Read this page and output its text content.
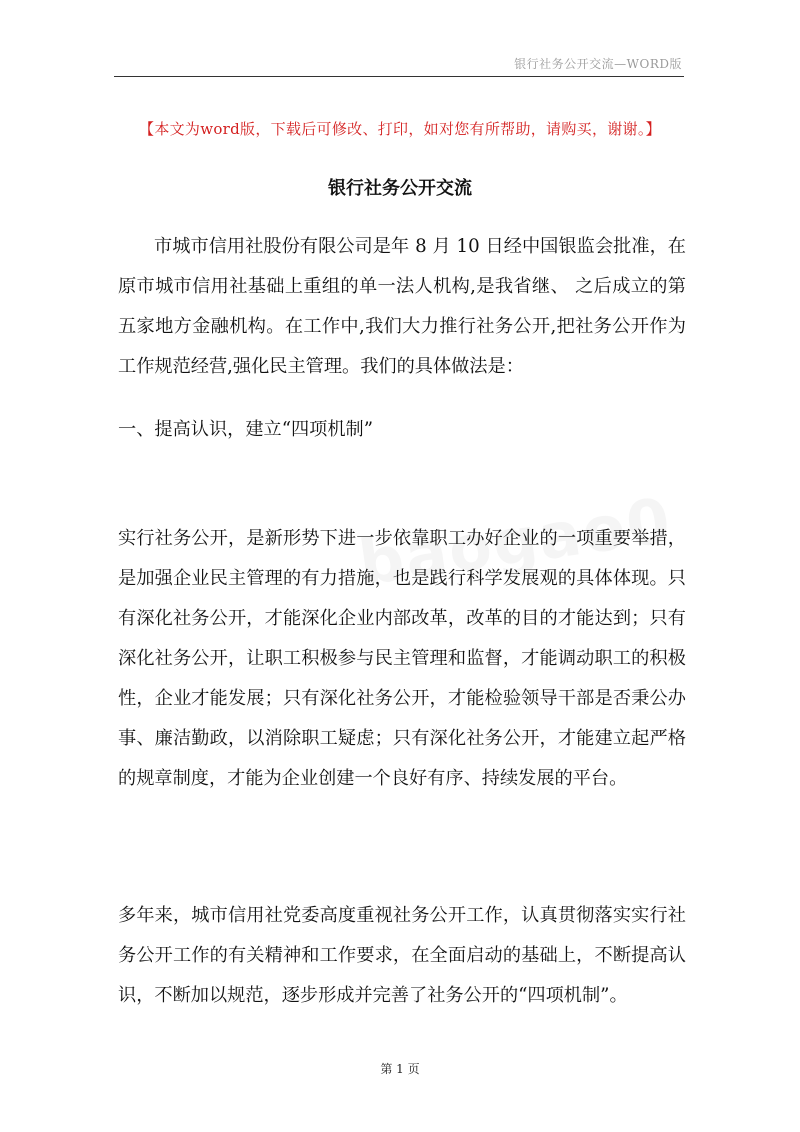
银行社务公开交流—WORD版
【本文为word版，下载后可修改、打印，如对您有所帮助，请购买，谢谢。】
银行社务公开交流
市城市信用社股份有限公司是年 8 月 10 日经中国银监会批准，在原市城市信用社基础上重组的单一法人机构,是我省继、 之后成立的第五家地方金融机构。在工作中,我们大力推行社务公开,把社务公开作为工作规范经营,强化民主管理。我们的具体做法是：
一、提高认识，建立“四项机制”
实行社务公开，是新形势下进一步依靠职工办好企业的一项重要举措，是加强企业民主管理的有力措施，也是践行科学发展观的具体体现。只有深化社务公开，才能深化企业内部改革，改革的目的才能达到；只有深化社务公开，让职工积极参与民主管理和监督，才能调动职工的积极性，企业才能发展；只有深化社务公开，才能检验领导干部是否秉公办事、廉洁勤政，以消除职工疑虑；只有深化社务公开，才能建立起严格的规章制度，才能为企业创建一个良好有序、持续发展的平台。
多年来，城市信用社党委高度重视社务公开工作，认真贯彻落实实行社务公开工作的有关精神和工作要求，在全面启动的基础上，不断提高认识，不断加以规范，逐步形成并完善了社务公开的“四项机制”。
第 1 页
